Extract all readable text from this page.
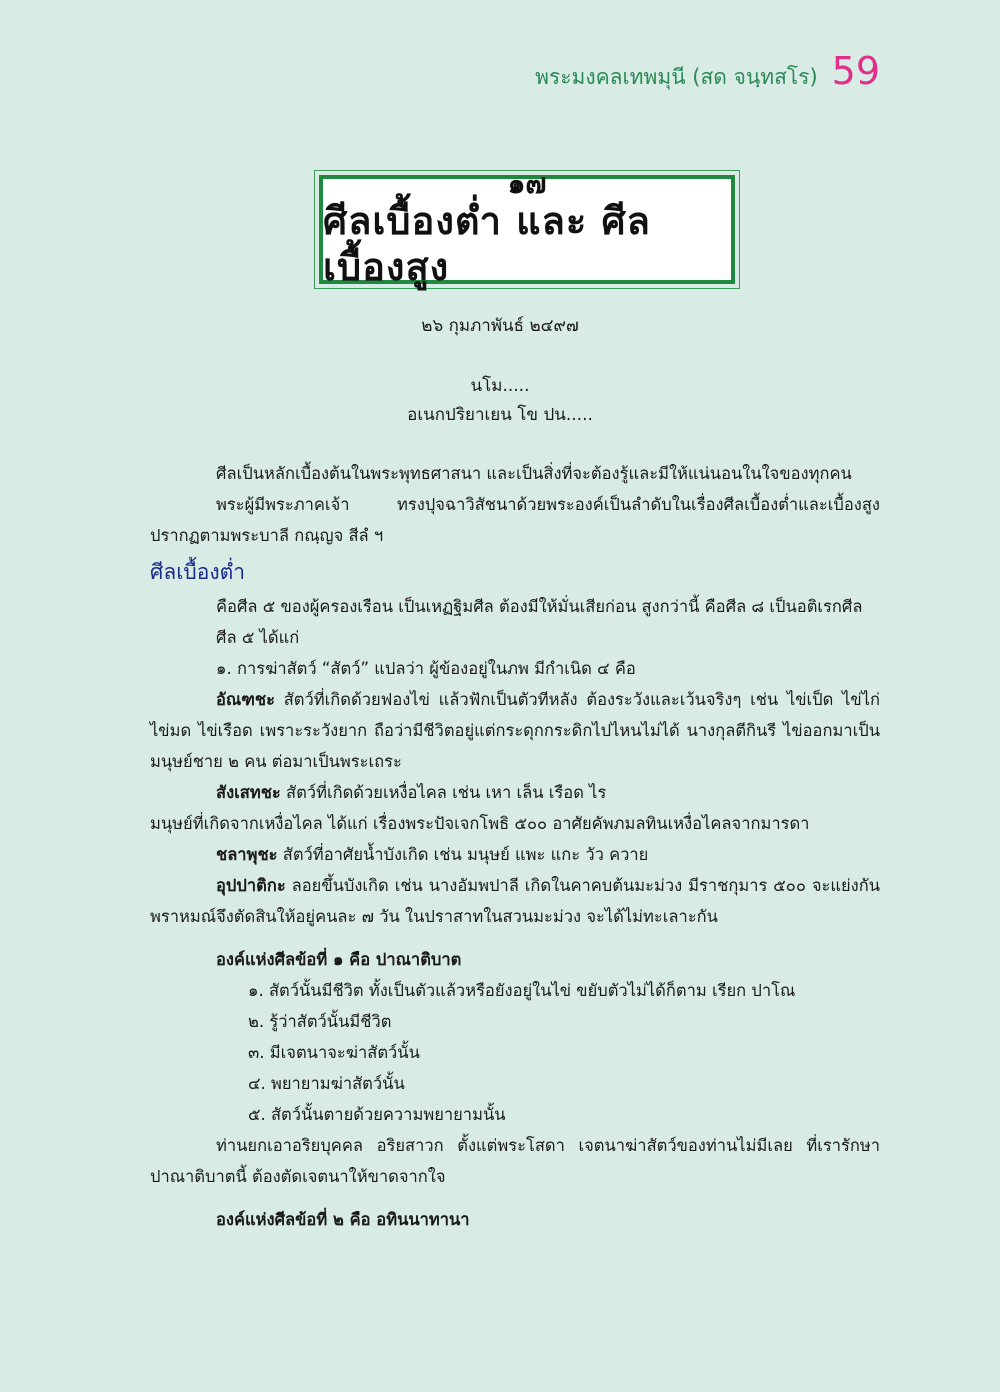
พระมงคลเทพมุนี (สด จนฺทสโร) 59
๑๗
ศีลเบื้องต่ำ และ ศีลเบื้องสูง
๒๖ กุมภาพันธ์ ๒๔๙๗
นโม.....
อเนกปริยาเยน โข ปน.....

ศีลเป็นหลักเบื้องต้นในพระพุทธศาสนา และเป็นสิ่งที่จะต้องรู้และมีให้แน่นอนในใจของทุกคน

พระผู้มีพระภาคเจ้า ทรงปุจฉาวิสัชนาด้วยพระองค์เป็นลำดับในเรื่องศีลเบื้องต่ำและเบื้องสูง ปรากฏตามพระบาลี กณฺญจ สีลํ ฯ

ศีลเบื้องต่ำ

คือศีล ๕ ของผู้ครองเรือน เป็นเหฏฐิมศีล ต้องมีให้มั่นเสียก่อน สูงกว่านี้ คือศีล ๘ เป็นอติเรกศีล

ศีล ๕ ได้แก่

๑. การฆ่าสัตว์ “สัตว์” แปลว่า ผู้ข้องอยู่ในภพ มีกำเนิด ๔ คือ

อัณฑชะ สัตว์ที่เกิดด้วยฟองไข่ แล้วฟักเป็นตัวทีหลัง ต้องระวังและเว้นจริงๆ เช่น ไข่เป็ด ไข่ไก่ ไข่มด ไข่เรือด เพราะระวังยาก ถือว่ามีชีวิตอยู่แต่กระดุกกระดิกไปไหนไม่ได้ นางกุลตีกินรี ไข่ออกมาเป็นมนุษย์ชาย ๒ คน ต่อมาเป็นพระเถระ

สังเสทชะ สัตว์ที่เกิดด้วยเหงื่อไคล เช่น เหา เล็น เรือด ไร

มนุษย์ที่เกิดจากเหงื่อไคล ได้แก่ เรื่องพระปัจเจกโพธิ ๕๐๐ อาศัยคัพภมลทินเหงื่อไคลจากมารดา

ชลาพุชะ สัตว์ที่อาศัยน้ำบังเกิด เช่น มนุษย์ แพะ แกะ วัว ควาย

อุปปาติกะ ลอยขึ้นบังเกิด เช่น นางอัมพปาลี เกิดในคาคบต้นมะม่วง มีราชกุมาร ๕๐๐ จะแย่งกัน พราหมณ์จึงตัดสินให้อยู่คนละ ๗ วัน ในปราสาทในสวนมะม่วง จะได้ไม่ทะเลาะกัน

องค์แห่งศีลข้อที่ ๑ คือ ปาณาติบาต

๑. สัตว์นั้นมีชีวิต ทั้งเป็นตัวแล้วหรือยังอยู่ในไข่ ขยับตัวไม่ได้ก็ตาม เรียก ปาโณ

๒. รู้ว่าสัตว์นั้นมีชีวิต

๓. มีเจตนาจะฆ่าสัตว์นั้น

๔. พยายามฆ่าสัตว์นั้น

๕. สัตว์นั้นตายด้วยความพยายามนั้น

ท่านยกเอาอริยบุคคล อริยสาวก ตั้งแต่พระโสดา เจตนาฆ่าสัตว์ของท่านไม่มีเลย ที่เรารักษาปาณาติบาตนี้ ต้องตัดเจตนาให้ขาดจากใจ

องค์แห่งศีลข้อที่ ๒ คือ อทินนาทานา
